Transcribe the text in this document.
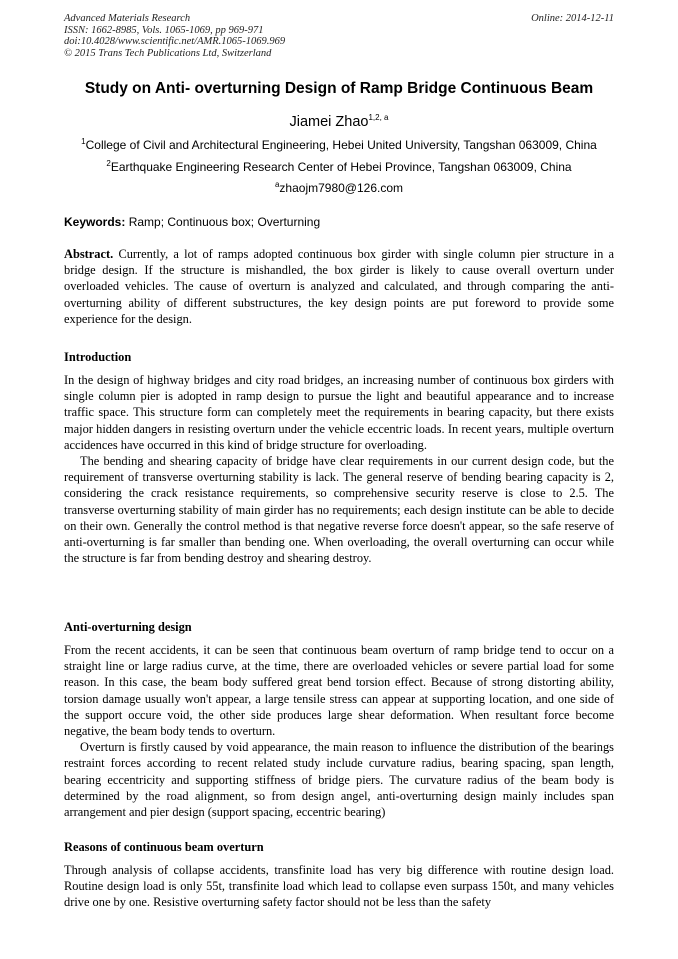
Advanced Materials Research
ISSN: 1662-8985, Vols. 1065-1069, pp 969-971
doi:10.4028/www.scientific.net/AMR.1065-1069.969
© 2015 Trans Tech Publications Ltd, Switzerland
Online: 2014-12-11
Study on Anti- overturning Design of Ramp Bridge Continuous Beam
Jiamei Zhao$^{1,2, a}$
$^1$College of Civil and Architectural Engineering, Hebei United University, Tangshan 063009, China
$^2$Earthquake Engineering Research Center of Hebei Province, Tangshan 063009, China
$^a$zhaojm7980@126.com
Keywords: Ramp; Continuous box; Overturning

Abstract. Currently, a lot of ramps adopted continuous box girder with single column pier structure in a bridge design. If the structure is mishandled, the box girder is likely to cause overall overturn under overloaded vehicles. The cause of overturn is analyzed and calculated, and through comparing the anti-overturning ability of different substructures, the key design points are put foreword to provide some experience for the design.

Introduction

In the design of highway bridges and city road bridges, an increasing number of continuous box girders with single column pier is adopted in ramp design to pursue the light and beautiful appearance and to increase traffic space. This structure form can completely meet the requirements in bearing capacity, but there exists major hidden dangers in resisting overturn under the vehicle eccentric loads. In recent years, multiple overturn accidences have occurred in this kind of bridge structure for overloading.

The bending and shearing capacity of bridge have clear requirements in our current design code, but the requirement of transverse overturning stability is lack. The general reserve of bending bearing capacity is 2, considering the crack resistance requirements, so comprehensive security reserve is close to 2.5. The transverse overturning stability of main girder has no requirements; each design institute can be able to decide on their own. Generally the control method is that negative reverse force doesn't appear, so the safe reserve of anti-overturning is far smaller than bending one. When overloading, the overall overturning can occur while the structure is far from bending destroy and shearing destroy.

Anti-overturning design

From the recent accidents, it can be seen that continuous beam overturn of ramp bridge tend to occur on a straight line or large radius curve, at the time, there are overloaded vehicles or severe partial load for some reason. In this case, the beam body suffered great bend torsion effect. Because of strong distorting ability, torsion damage usually won't appear, a large tensile stress can appear at supporting location, and one side of the support occure void, the other side produces large shear deformation. When resultant force become negative, the beam body tends to overturn.

Overturn is firstly caused by void appearance, the main reason to influence the distribution of the bearings restraint forces according to recent related study include curvature radius, bearing spacing, span length, bearing eccentricity and supporting stiffness of bridge piers. The curvature radius of the beam body is determined by the road alignment, so from design angel, anti-overturning design mainly includes span arrangement and pier design (support spacing, eccentric bearing)

Reasons of continuous beam overturn

Through analysis of collapse accidents, transfinite load has very big difference with routine design load. Routine design load is only 55t, transfinite load which lead to collapse even surpass 150t, and many vehicles drive one by one. Resistive overturning safety factor should not be less than the safety
